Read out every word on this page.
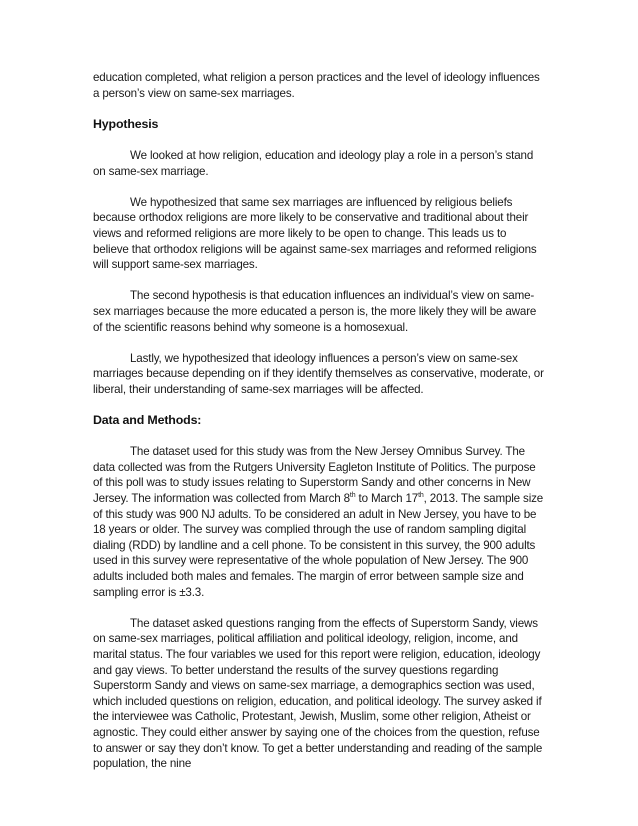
education completed, what religion a person practices and the level of ideology influences a person’s view on same-sex marriages.

Hypothesis

We looked at how religion, education and ideology play a role in a person’s stand on same-sex marriage.

We hypothesized that same sex marriages are influenced by religious beliefs because orthodox religions are more likely to be conservative and traditional about their views and reformed religions are more likely to be open to change. This leads us to believe that orthodox religions will be against same-sex marriages and reformed religions will support same-sex marriages.

The second hypothesis is that education influences an individual’s view on same-sex marriages because the more educated a person is, the more likely they will be aware of the scientific reasons behind why someone is a homosexual.

Lastly, we hypothesized that ideology influences a person’s view on same-sex marriages because depending on if they identify themselves as conservative, moderate, or liberal, their understanding of same-sex marriages will be affected.

Data and Methods:

The dataset used for this study was from the New Jersey Omnibus Survey. The data collected was from the Rutgers University Eagleton Institute of Politics. The purpose of this poll was to study issues relating to Superstorm Sandy and other concerns in New Jersey. The information was collected from March 8th to March 17th, 2013. The sample size of this study was 900 NJ adults. To be considered an adult in New Jersey, you have to be 18 years or older. The survey was complied through the use of random sampling digital dialing (RDD) by landline and a cell phone. To be consistent in this survey, the 900 adults used in this survey were representative of the whole population of New Jersey. The 900 adults included both males and females. The margin of error between sample size and sampling error is ±3.3.

The dataset asked questions ranging from the effects of Superstorm Sandy, views on same-sex marriages, political affiliation and political ideology, religion, income, and marital status. The four variables we used for this report were religion, education, ideology and gay views. To better understand the results of the survey questions regarding Superstorm Sandy and views on same-sex marriage, a demographics section was used, which included questions on religion, education, and political ideology. The survey asked if the interviewee was Catholic, Protestant, Jewish, Muslim, some other religion, Atheist or agnostic. They could either answer by saying one of the choices from the question, refuse to answer or say they don’t know. To get a better understanding and reading of the sample population, the nine
